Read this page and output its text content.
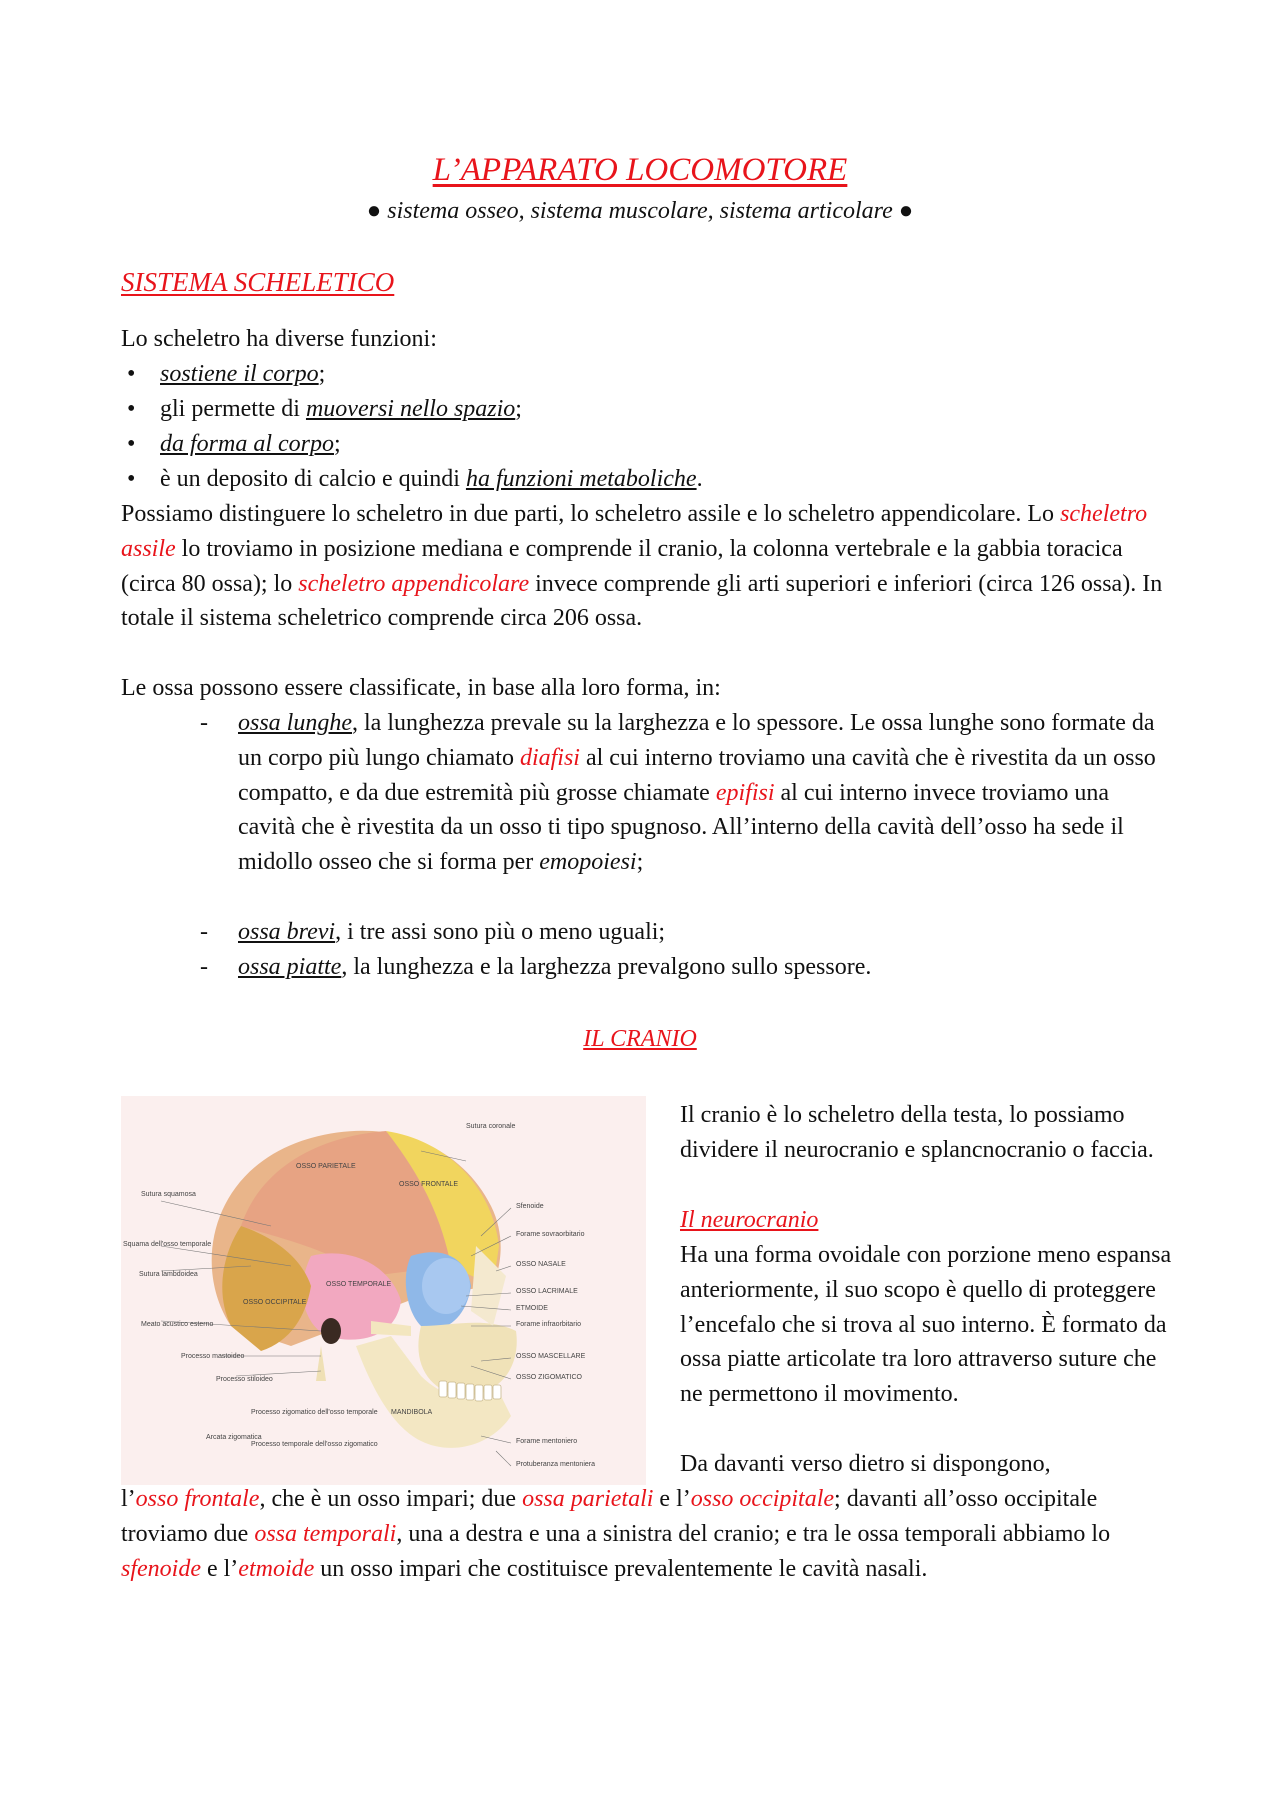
L’APPARATO LOCOMOTORE
● sistema osseo, sistema muscolare, sistema articolare ●
SISTEMA SCHELETICO
Lo scheletro ha diverse funzioni:
• sostiene il corpo;
• gli permette di muoversi nello spazio;
• da forma al corpo;
• è un deposito di calcio e quindi ha funzioni metaboliche.
Possiamo distinguere lo scheletro in due parti, lo scheletro assile e lo scheletro appendicolare. Lo scheletro assile lo troviamo in posizione mediana e comprende il cranio, la colonna vertebrale e la gabbia toracica (circa 80 ossa); lo scheletro appendicolare invece comprende gli arti superiori e inferiori (circa 126 ossa). In totale il sistema scheletrico comprende circa 206 ossa.
Le ossa possono essere classificate, in base alla loro forma, in:
- ossa lunghe, la lunghezza prevale su la larghezza e lo spessore. Le ossa lunghe sono formate da un corpo più lungo chiamato diafisi al cui interno troviamo una cavità che è rivestita da un osso compatto, e da due estremità più grosse chiamate epifisi al cui interno invece troviamo una cavità che è rivestita da un osso ti tipo spugnoso. All’interno della cavità dell’osso ha sede il midollo osseo che si forma per emopoiesi;
- ossa brevi, i tre assi sono più o meno uguali;
- ossa piatte, la lunghezza e la larghezza prevalgono sullo spessore.
IL CRANIO
Sutura coronale
OSSO PARIETALE
OSSO FRONTALE
Sutura squamosa
Sfenoide
Forame sovraorbitario
Squama dell'osso temporale
OSSO NASALE
Sutura lambdoidea
OSSO TEMPORALE
OSSO LACRIMALE
OSSO OCCIPITALE
ETMOIDE
Forame infraorbitario
Meato acustico esterno
OSSO MASCELLARE
Processo mastoideo
OSSO ZIGOMATICO
Processo stiloideo
Processo zigomatico dell'osso temporale MANDIBOLA
Arcata zigomatica
Processo temporale dell'osso zigomatico	Forame mentoniero
Protuberanza mentoniera
Il cranio è lo scheletro della testa, lo possiamo dividere il neurocranio e splancnocranio o faccia.
Il neurocranio
Ha una forma ovoidale con porzione meno espansa anteriormente, il suo scopo è quello di proteggere l’encefalo che si trova al suo interno. È formato da ossa piatte articolate tra loro attraverso suture che ne permettono il movimento.
Da davanti verso dietro si dispongono,
l’osso frontale, che è un osso impari; due ossa parietali e l’osso occipitale; davanti all’osso occipitale troviamo due ossa temporali, una a destra e una a sinistra del cranio; e tra le ossa temporali abbiamo lo sfenoide e l’etmoide un osso impari che costituisce prevalentemente le cavità nasali.
